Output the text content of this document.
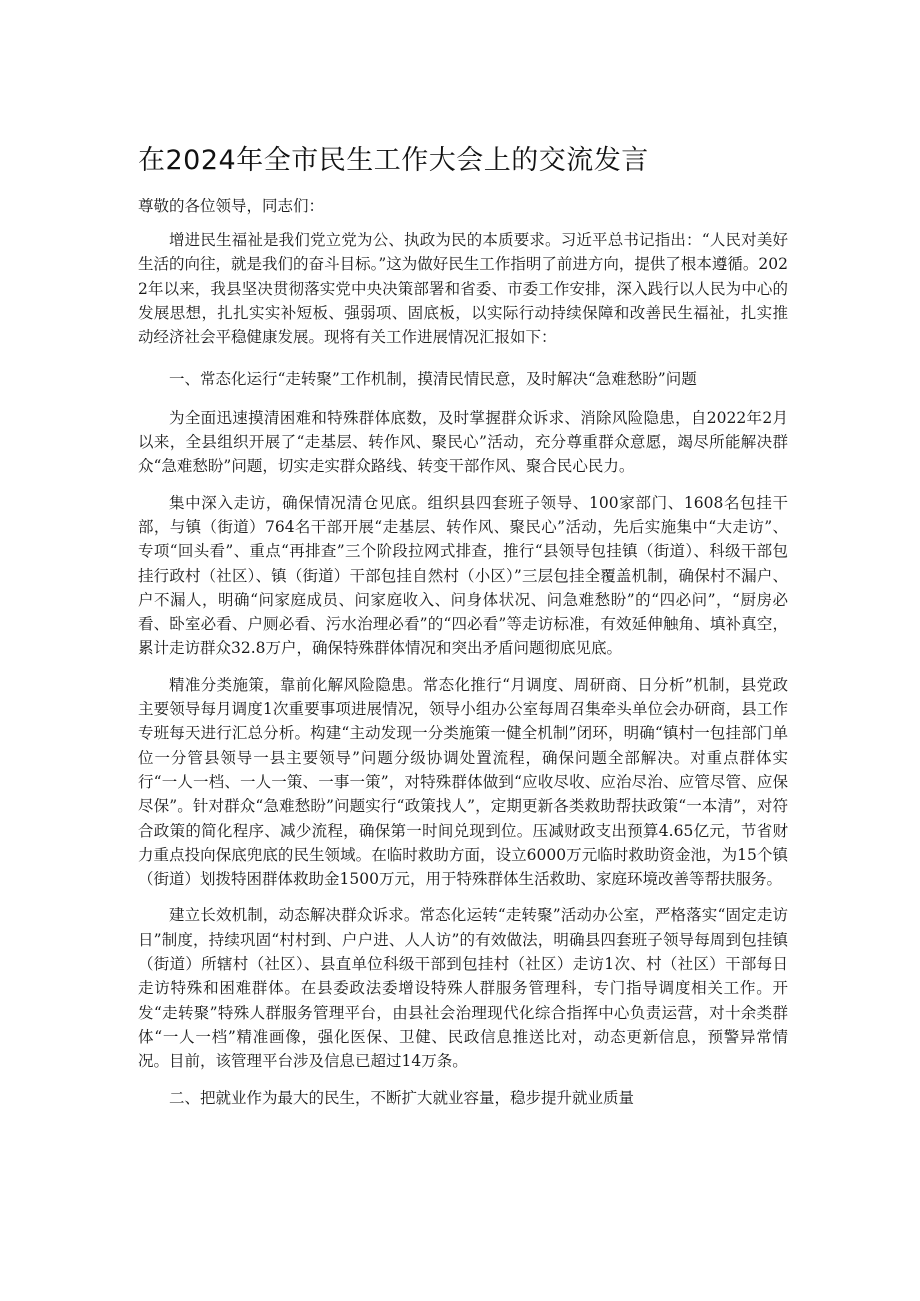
在2024年全市民生工作大会上的交流发言

尊敬的各位领导，同志们：

增进民生福祉是我们党立党为公、执政为民的本质要求。习近平总书记指出：“人民对美好生活的向往，就是我们的奋斗目标。”这为做好民生工作指明了前进方向，提供了根本遵循。2022年以来，我县坚决贯彻落实党中央决策部署和省委、市委工作安排，深入践行以人民为中心的发展思想，扎扎实实补短板、强弱项、固底板，以实际行动持续保障和改善民生福祉，扎实推动经济社会平稳健康发展。现将有关工作进展情况汇报如下：

一、常态化运行“走转聚”工作机制，摸清民情民意，及时解决“急难愁盼”问题

为全面迅速摸清困难和特殊群体底数，及时掌握群众诉求、消除风险隐患，自2022年2月以来，全县组织开展了“走基层、转作风、聚民心”活动，充分尊重群众意愿，竭尽所能解决群众“急难愁盼”问题，切实走实群众路线、转变干部作风、聚合民心民力。

集中深入走访，确保情况清仓见底。组织县四套班子领导、100家部门、1608名包挂干部，与镇（街道）764名干部开展“走基层、转作风、聚民心”活动，先后实施集中“大走访”、专项“回头看”、重点“再排查”三个阶段拉网式排查，推行“县领导包挂镇（街道）、科级干部包挂行政村（社区）、镇（街道）干部包挂自然村（小区）”三层包挂全覆盖机制，确保村不漏户、户不漏人，明确“问家庭成员、问家庭收入、问身体状况、问急难愁盼”的“四必问”，“厨房必看、卧室必看、户厕必看、污水治理必看”的“四必看”等走访标准，有效延伸触角、填补真空，累计走访群众32.8万户，确保特殊群体情况和突出矛盾问题彻底见底。

精准分类施策，靠前化解风险隐患。常态化推行“月调度、周研商、日分析”机制，县党政主要领导每月调度1次重要事项进展情况，领导小组办公室每周召集牵头单位会办研商，县工作专班每天进行汇总分析。构建“主动发现一分类施策一健全机制”闭环，明确“镇村一包挂部门单位一分管县领导一县主要领导”问题分级协调处置流程，确保问题全部解决。对重点群体实行“一人一档、一人一策、一事一策”，对特殊群体做到“应收尽收、应治尽治、应管尽管、应保尽保”。针对群众“急难愁盼”问题实行“政策找人”，定期更新各类救助帮扶政策“一本清”，对符合政策的简化程序、减少流程，确保第一时间兑现到位。压减财政支出预算4.65亿元，节省财力重点投向保底兜底的民生领域。在临时救助方面，设立6000万元临时救助资金池，为15个镇（街道）划拨特困群体救助金1500万元，用于特殊群体生活救助、家庭环境改善等帮扶服务。

建立长效机制，动态解决群众诉求。常态化运转“走转聚”活动办公室，严格落实“固定走访日”制度，持续巩固“村村到、户户进、人人访”的有效做法，明确县四套班子领导每周到包挂镇（街道）所辖村（社区）、县直单位科级干部到包挂村（社区）走访1次、村（社区）干部每日走访特殊和困难群体。在县委政法委增设特殊人群服务管理科，专门指导调度相关工作。开发“走转聚”特殊人群服务管理平台，由县社会治理现代化综合指挥中心负责运营，对十余类群体“一人一档”精准画像，强化医保、卫健、民政信息推送比对，动态更新信息，预警异常情况。目前，该管理平台涉及信息已超过14万条。

二、把就业作为最大的民生，不断扩大就业容量，稳步提升就业质量
